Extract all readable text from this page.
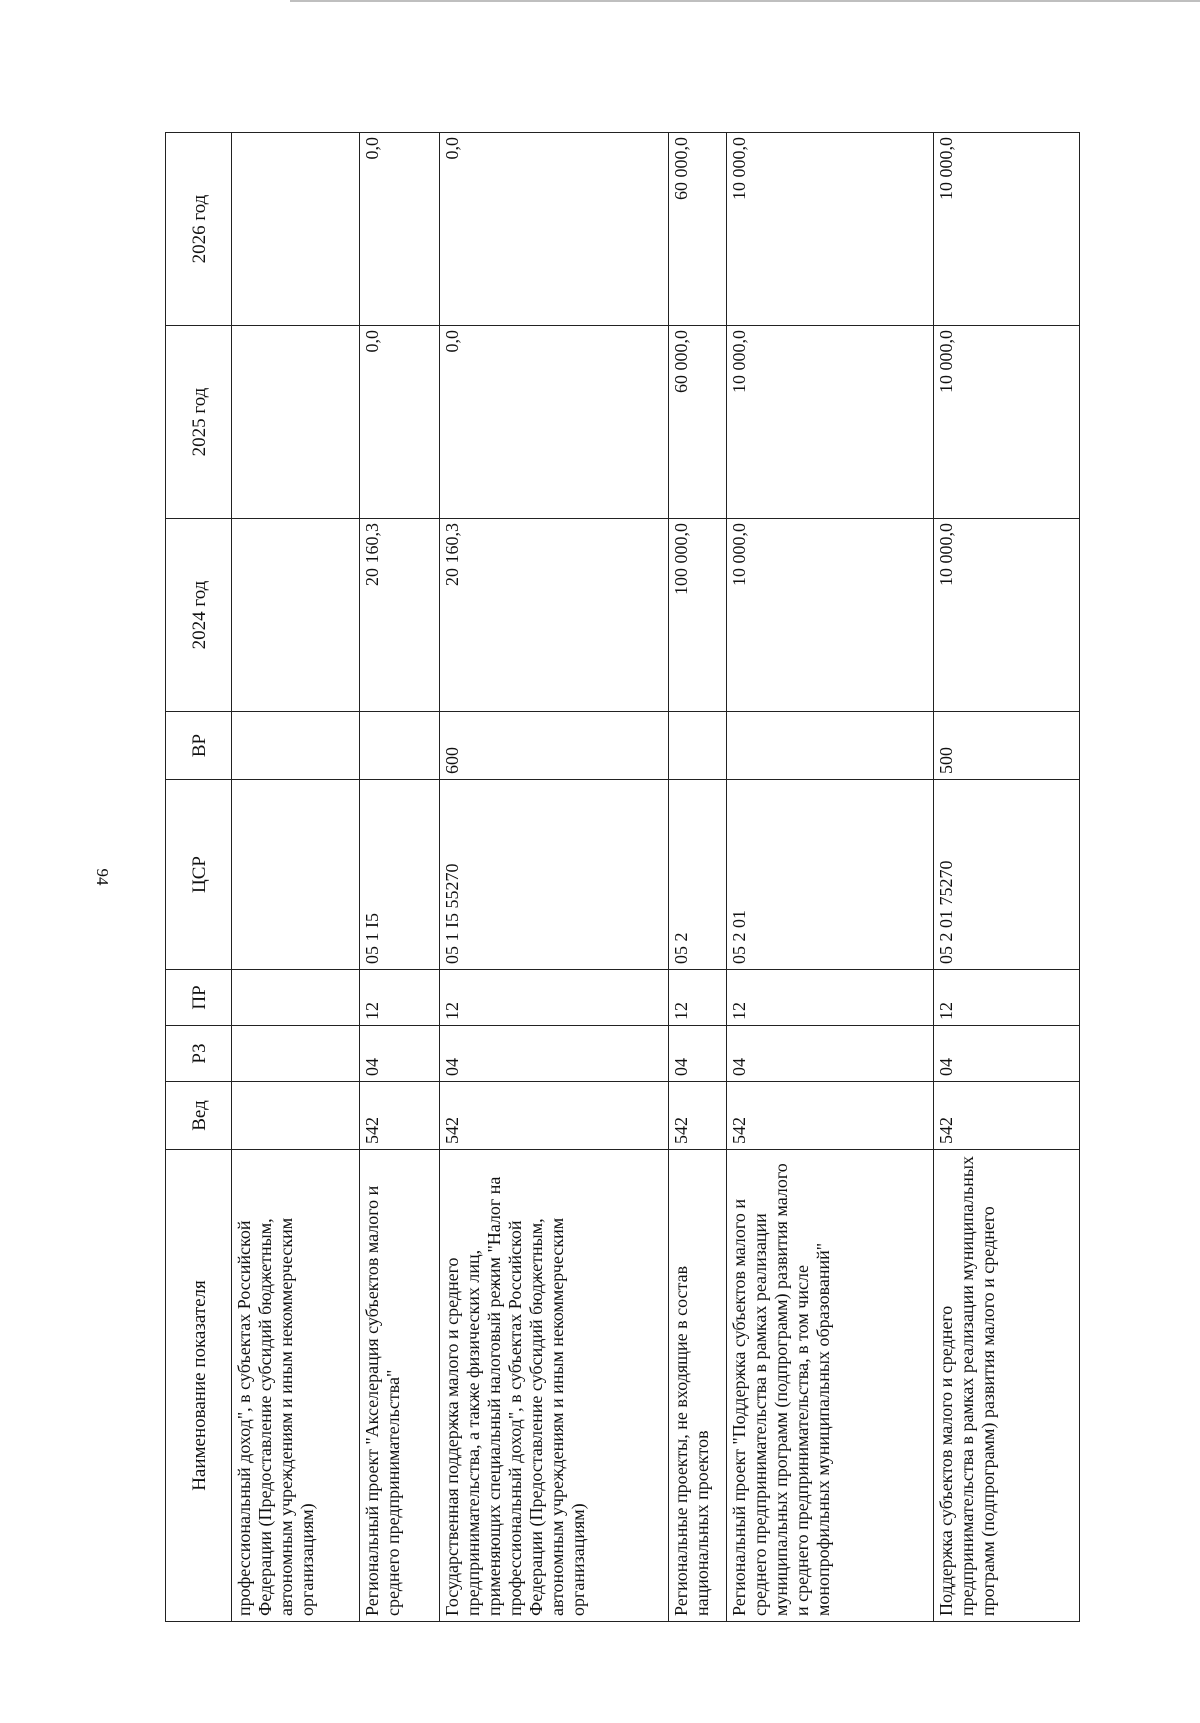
94
Наименование показателя	Вед	РЗ	ПР	ЦСР	ВР	2024 год	2025 год	2026 год
профессиональный доход", в субъектах Российской Федерации (Предоставление субсидий бюджетным, автономным учреждениям и иным некоммерческим организациям)								
Региональный проект "Акселерация субъектов малого и среднего предпринимательства"	542	04	12	05 1 I5		20 160,3	0,0	0,0
Государственная поддержка малого и среднего предпринимательства, а также физических лиц, применяющих специальный налоговый режим "Налог на профессиональный доход", в субъектах Российской Федерации (Предоставление субсидий бюджетным, автономным учреждениям и иным некоммерческим организациям)	542	04	12	05 1 I5 55270	600	20 160,3	0,0	0,0
Региональные проекты, не входящие в состав национальных проектов	542	04	12	05 2		100 000,0	60 000,0	60 000,0
Региональный проект "Поддержка субъектов малого и среднего предпринимательства в рамках реализации муниципальных программ (подпрограмм) развития малого и среднего предпринимательства, в том числе монопрофильных муниципальных образований"	542	04	12	05 2 01		10 000,0	10 000,0	10 000,0
Поддержка субъектов малого и среднего предпринимательства в рамках реализации муниципальных программ (подпрограмм) развития малого и среднего	542	04	12	05 2 01 75270	500	10 000,0	10 000,0	10 000,0
